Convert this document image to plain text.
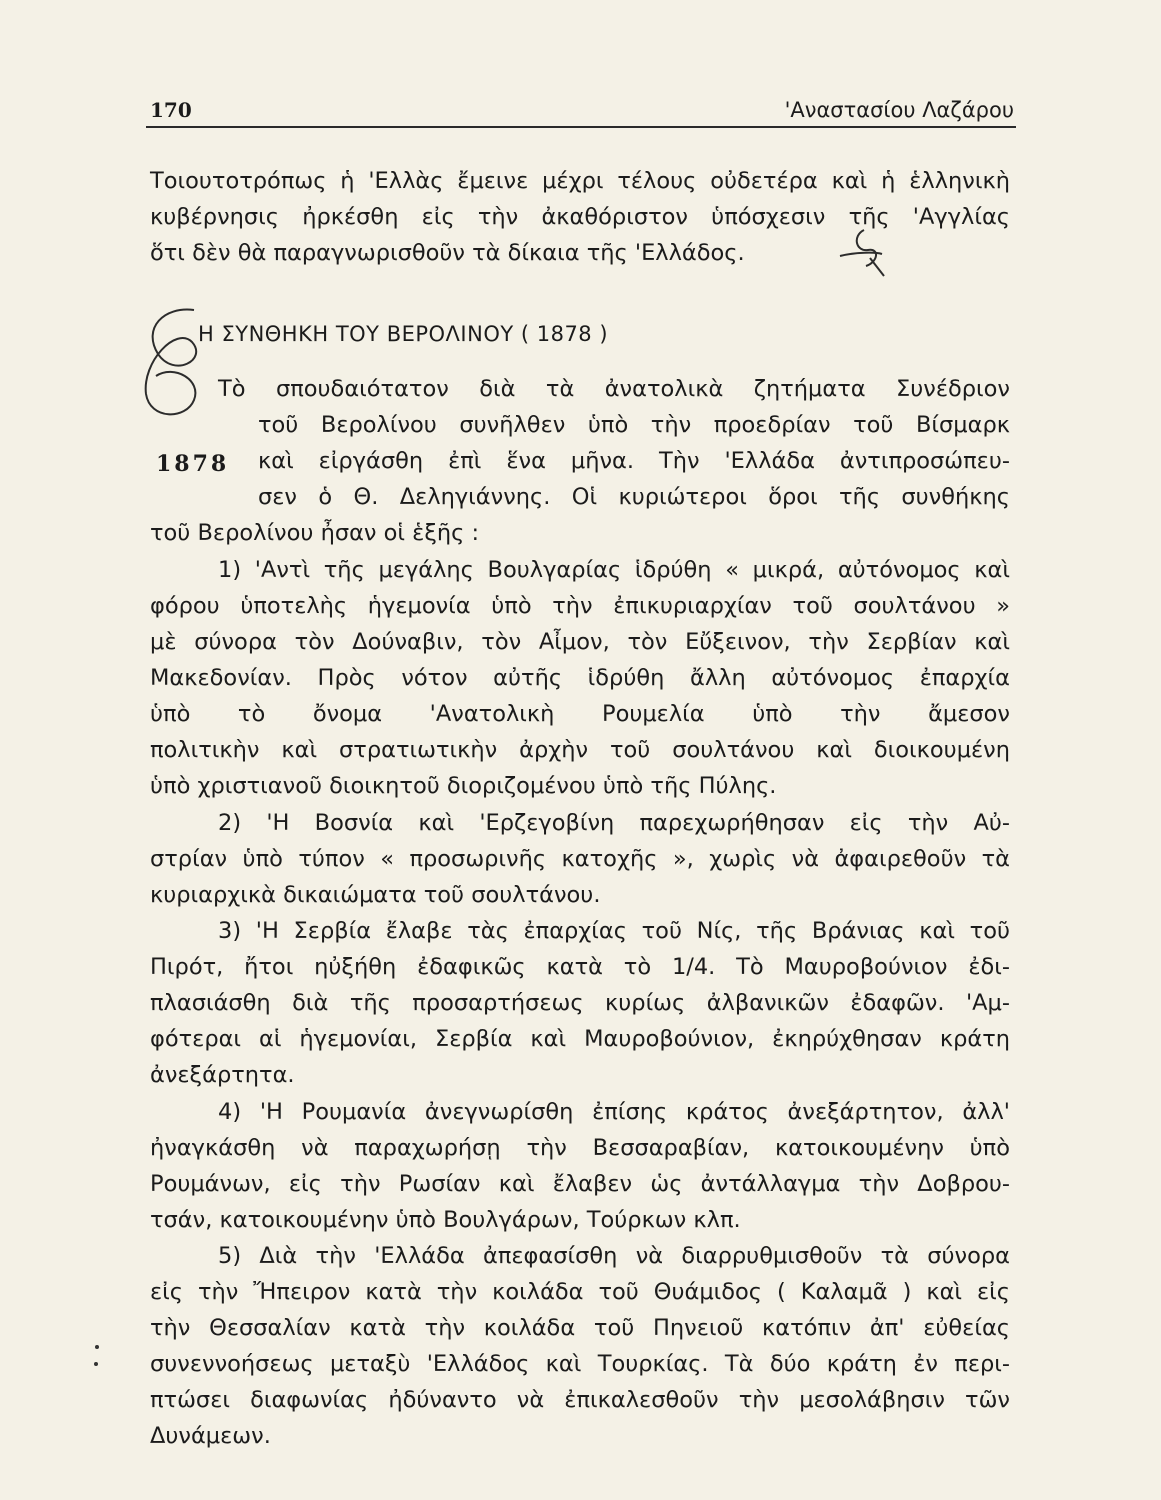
170	'Αναστασίου Λαζάρου
Τοιουτοτρόπως ἡ 'Ελλὰς ἔμεινε μέχρι τέλους οὐδετέρα καὶ ἡ ἑλληνικὴ
κυβέρνησις ἠρκέσθη εἰς τὴν ἀκαθόριστον ὑπόσχεσιν τῆς 'Αγγλίας
ὅτι δὲν θὰ παραγνωρισθοῦν τὰ δίκαια τῆς 'Ελλάδος.
Η ΣΥΝΘΗΚΗ ΤΟΥ ΒΕΡΟΛΙΝΟΥ ( 1878 )
1878
Τὸ σπουδαιότατον διὰ τὰ ἀνατολικὰ ζητήματα Συνέδριον
τοῦ Βερολίνου συνῆλθεν ὑπὸ τὴν προεδρίαν τοῦ Βίσμαρκ
καὶ εἰργάσθη ἐπὶ ἕνα μῆνα. Τὴν 'Ελλάδα ἀντιπροσώπευ-
σεν ὁ Θ. Δεληγιάννης. Οἱ κυριώτεροι ὅροι τῆς συνθήκης
τοῦ Βερολίνου ἦσαν οἱ ἑξῆς :
1) 'Αντὶ τῆς μεγάλης Βουλγαρίας ἱδρύθη « μικρά, αὐτόνομος καὶ
φόρου ὑποτελὴς ἡγεμονία ὑπὸ τὴν ἐπικυριαρχίαν τοῦ σουλτάνου »
μὲ σύνορα τὸν Δούναβιν, τὸν Αἶμον, τὸν Εὔξεινον, τὴν Σερβίαν καὶ
Μακεδονίαν. Πρὸς νότον αὐτῆς ἱδρύθη ἄλλη αὐτόνομος ἐπαρχία
ὑπὸ τὸ ὄνομα 'Ανατολικὴ Ρουμελία ὑπὸ τὴν ἄμεσον
πολιτικὴν καὶ στρατιωτικὴν ἀρχὴν τοῦ σουλτάνου καὶ διοικουμένη
ὑπὸ χριστιανοῦ διοικητοῦ διοριζομένου ὑπὸ τῆς Πύλης.
2) 'Η Βοσνία καὶ 'Ερζεγοβίνη παρεχωρήθησαν εἰς τὴν Αὐ-
στρίαν ὑπὸ τύπον « προσωρινῆς κατοχῆς », χωρὶς νὰ ἀφαιρεθοῦν τὰ
κυριαρχικὰ δικαιώματα τοῦ σουλτάνου.
3) 'Η Σερβία ἔλαβε τὰς ἐπαρχίας τοῦ Νίς, τῆς Βράνιας καὶ τοῦ
Πιρότ, ἤτοι ηὐξήθη ἐδαφικῶς κατὰ τὸ 1/4. Τὸ Μαυροβούνιον ἐδι-
πλασιάσθη διὰ τῆς προσαρτήσεως κυρίως ἀλβανικῶν ἐδαφῶν. 'Αμ-
φότεραι αἱ ἡγεμονίαι, Σερβία καὶ Μαυροβούνιον, ἐκηρύχθησαν κράτη
ἀνεξάρτητα.
4) 'Η Ρουμανία ἀνεγνωρίσθη ἐπίσης κράτος ἀνεξάρτητον, ἀλλ'
ἠναγκάσθη νὰ παραχωρήσῃ τὴν Βεσσαραβίαν, κατοικουμένην ὑπὸ
Ρουμάνων, εἰς τὴν Ρωσίαν καὶ ἔλαβεν ὡς ἀντάλλαγμα τὴν Δοβρου-
τσάν, κατοικουμένην ὑπὸ Βουλγάρων, Τούρκων κλπ.
5) Διὰ τὴν 'Ελλάδα ἀπεφασίσθη νὰ διαρρυθμισθοῦν τὰ σύνορα
εἰς τὴν Ἤπειρον κατὰ τὴν κοιλάδα τοῦ Θυάμιδος ( Καλαμᾶ ) καὶ εἰς
τὴν Θεσσαλίαν κατὰ τὴν κοιλάδα τοῦ Πηνειοῦ κατόπιν ἀπ' εὐθείας
συνεννοήσεως μεταξὺ 'Ελλάδος καὶ Τουρκίας. Τὰ δύο κράτη ἐν περι-
πτώσει διαφωνίας ἠδύναντο νὰ ἐπικαλεσθοῦν τὴν μεσολάβησιν τῶν
Δυνάμεων.
